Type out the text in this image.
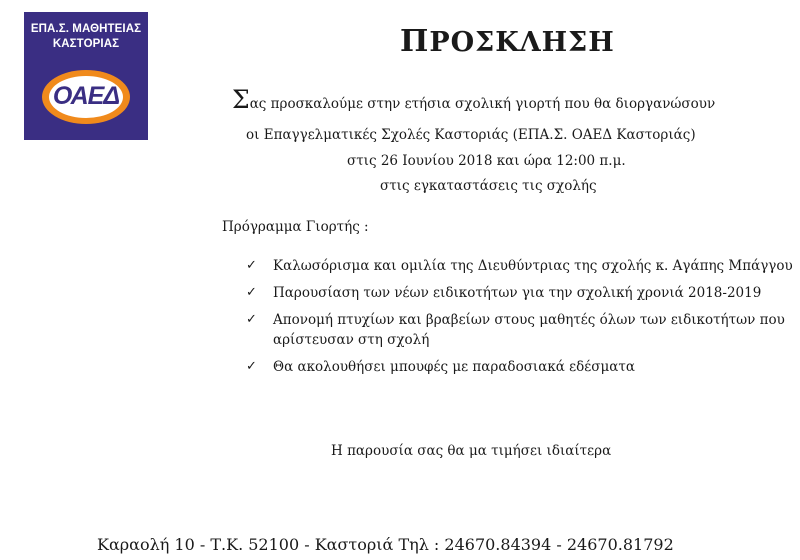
ΕΠΑ.Σ. ΜΑΘΗΤΕΙΑΣ
ΚΑΣΤΟΡΙΑΣ
ΟΑΕΔ
ΠΡΟΣΚΛΗΣΗ
Σας προσκαλούμε στην ετήσια σχολική γιορτή που θα διοργανώσουν
οι Επαγγελματικές Σχολές Καστοριάς (ΕΠΑ.Σ. ΟΑΕΔ Καστοριάς)
στις 26 Ιουνίου 2018 και ώρα 12:00 π.μ.
στις εγκαταστάσεις τις σχολής
Πρόγραμμα Γιορτής :
✓ Καλωσόρισμα και ομιλία της Διευθύντριας της σχολής κ. Αγάπης Μπάγγου
✓ Παρουσίαση των νέων ειδικοτήτων για την σχολική χρονιά 2018-2019
✓ Απονομή πτυχίων και βραβείων στους μαθητές όλων των ειδικοτήτων που αρίστευσαν στη σχολή
✓ Θα ακολουθήσει μπουφές με παραδοσιακά εδέσματα
Η παρουσία σας θα μα τιμήσει ιδιαίτερα
Καραολή 10 - Τ.Κ. 52100 - Καστοριά Τηλ : 24670.84394 - 24670.81792
